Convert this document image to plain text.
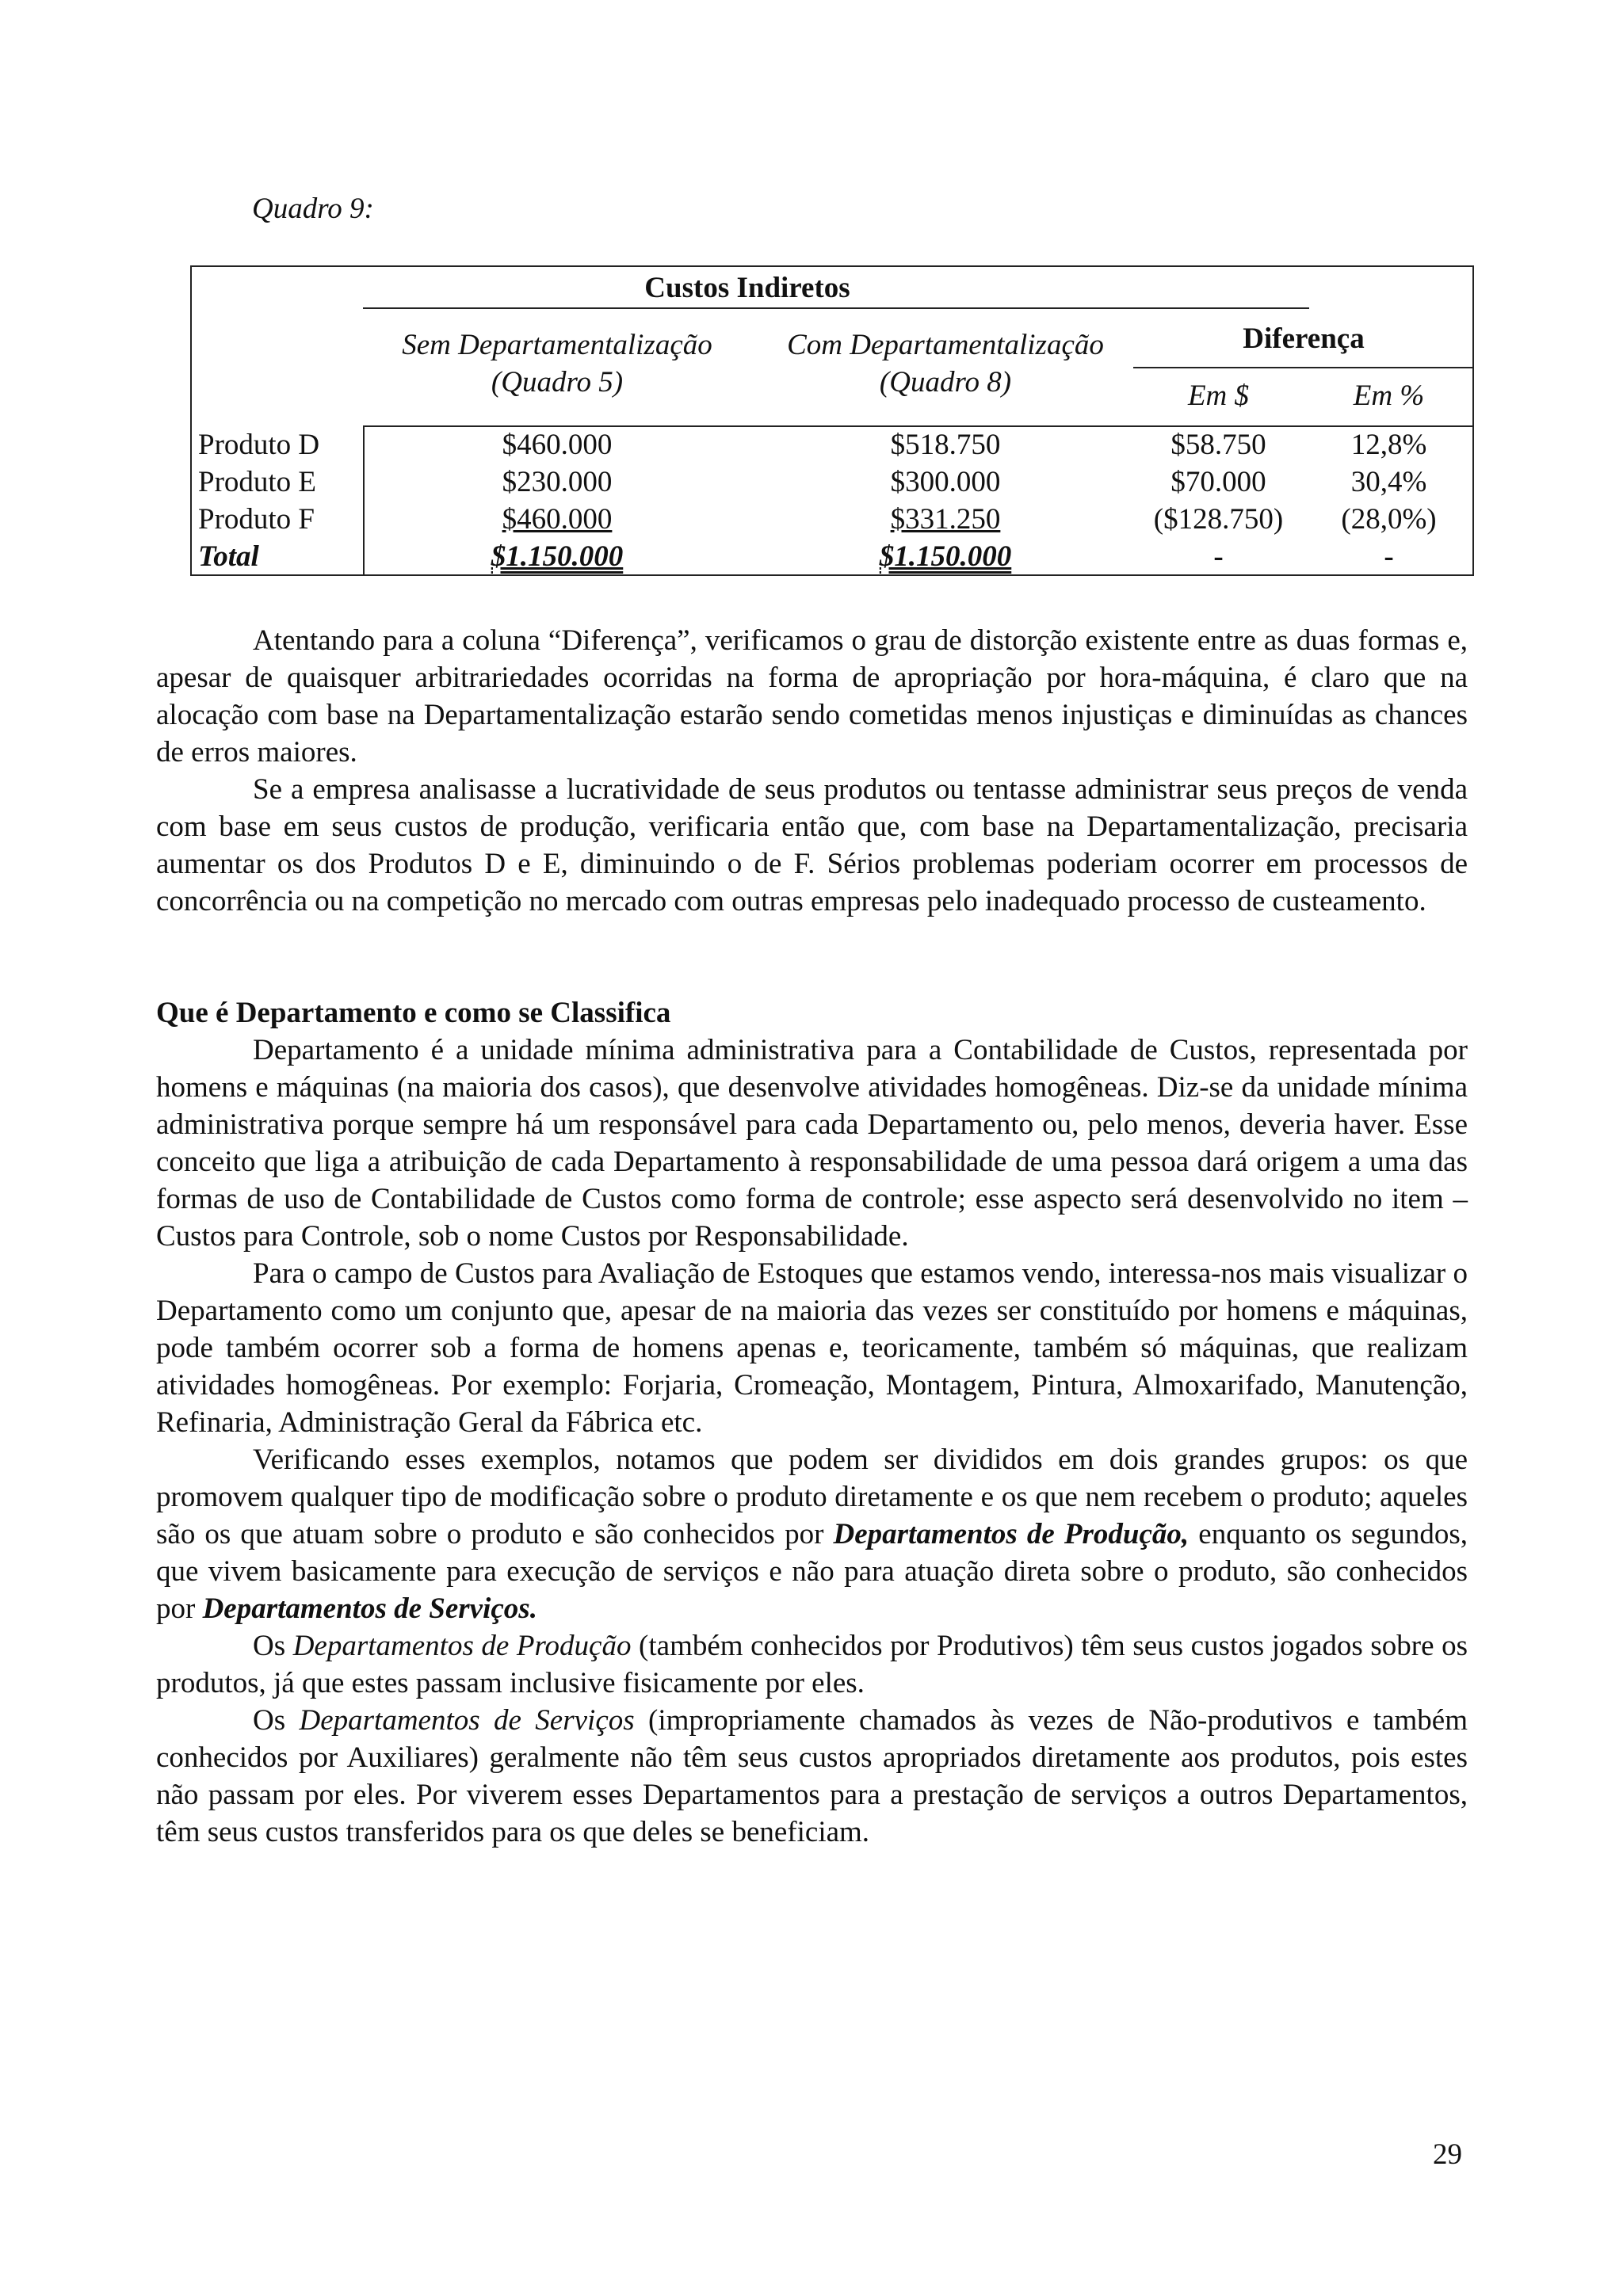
Quadro 9:
Custos Indiretos
Sem Departamentalização
(Quadro 5)
Com Departamentalização
(Quadro 8)
Diferença
Em $	Em %
Produto D	$460.000	$518.750	$58.750	12,8%
Produto E	$230.000	$300.000	$70.000	30,4%
Produto F	$460.000	$331.250	($128.750)	(28,0%)
Total	$1.150.000	$1.150.000	-	-

Atentando para a coluna “Diferença”, verificamos o grau de distorção existente entre as duas formas e, apesar de quaisquer arbitrariedades ocorridas na forma de apropriação por hora-máquina, é claro que na alocação com base na Departamentalização estarão sendo cometidas menos injustiças e diminuídas as chances de erros maiores.

Se a empresa analisasse a lucratividade de seus produtos ou tentasse administrar seus preços de venda com base em seus custos de produção, verificaria então que, com base na Departamentalização, precisaria aumentar os dos Produtos D e E, diminuindo o de F. Sérios problemas poderiam ocorrer em processos de concorrência ou na competição no mercado com outras empresas pelo inadequado processo de custeamento.

Que é Departamento e como se Classifica

Departamento é a unidade mínima administrativa para a Contabilidade de Custos, representada por homens e máquinas (na maioria dos casos), que desenvolve atividades homogêneas. Diz-se da unidade mínima administrativa porque sempre há um responsável para cada Departamento ou, pelo menos, deveria haver. Esse conceito que liga a atribuição de cada Departamento à responsabilidade de uma pessoa dará origem a uma das formas de uso de Contabilidade de Custos como forma de controle; esse aspecto será desenvolvido no item – Custos para Controle, sob o nome Custos por Responsabilidade.

Para o campo de Custos para Avaliação de Estoques que estamos vendo, interessa-nos mais visualizar o Departamento como um conjunto que, apesar de na maioria das vezes ser constituído por homens e máquinas, pode também ocorrer sob a forma de homens apenas e, teoricamente, também só máquinas, que realizam atividades homogêneas. Por exemplo: Forjaria, Cromeação, Montagem, Pintura, Almoxarifado, Manutenção, Refinaria, Administração Geral da Fábrica etc.

Verificando esses exemplos, notamos que podem ser divididos em dois grandes grupos: os que promovem qualquer tipo de modificação sobre o produto diretamente e os que nem recebem o produto; aqueles são os que atuam sobre o produto e são conhecidos por Departamentos de Produção, enquanto os segundos, que vivem basicamente para execução de serviços e não para atuação direta sobre o produto, são conhecidos por Departamentos de Serviços.

Os Departamentos de Produção (também conhecidos por Produtivos) têm seus custos jogados sobre os produtos, já que estes passam inclusive fisicamente por eles.

Os Departamentos de Serviços (impropriamente chamados às vezes de Não-produtivos e também conhecidos por Auxiliares) geralmente não têm seus custos apropriados diretamente aos produtos, pois estes não passam por eles. Por viverem esses Departamentos para a prestação de serviços a outros Departamentos, têm seus custos transferidos para os que deles se beneficiam.

29
